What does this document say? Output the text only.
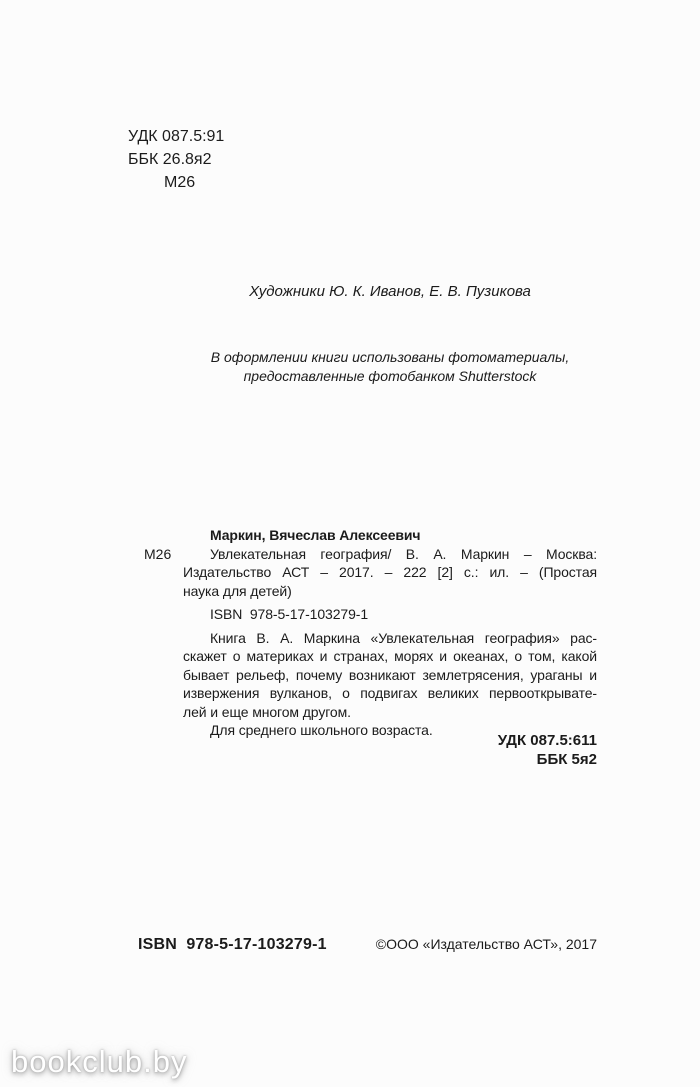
УДК 087.5:91
ББК 26.8я2
М26
Художники Ю. К. Иванов, Е. В. Пузикова
В оформлении книги использованы фотоматериалы,
предоставленные фотобанком Shutterstock
М26
Маркин, Вячеслав Алексеевич
Увлекательная география/ В. А. Маркин – Москва:
Издательство АСТ – 2017. – 222 [2] с.: ил. – (Простая
наука для детей)
ISBN  978-5-17-103279-1
Книга В. А. Маркина «Увлекательная география» рас-
скажет о материках и странах, морях и океанах, о том, какой
бывает рельеф, почему возникают землетрясения, ураганы и
извержения вулканов, о подвигах великих первооткрывате-
лей и еще многом другом.
Для среднего школьного возраста.
УДК 087.5:611
ББК 5я2
ISBN  978-5-17-103279-1	©ООО «Издательство АСТ», 2017
bookclub.by
